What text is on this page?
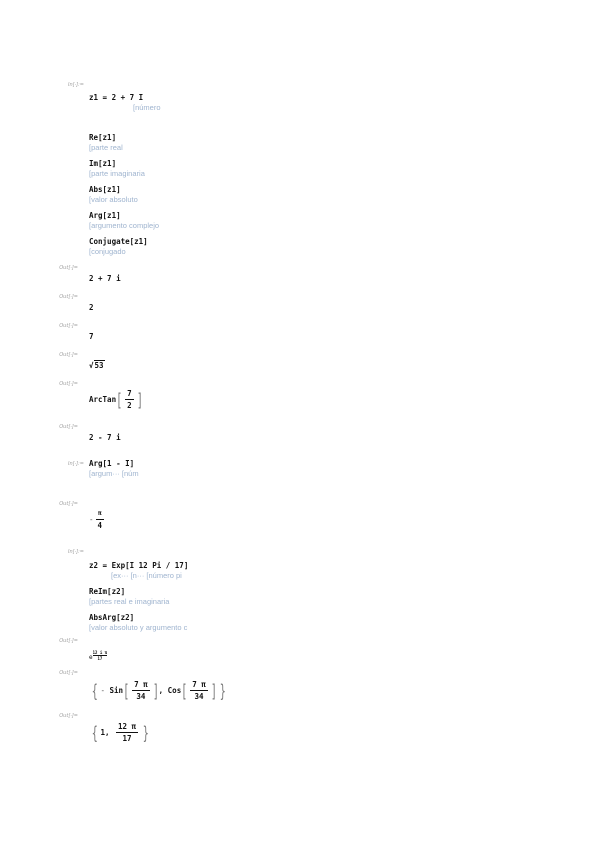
In[·]:=
z1 = 2 + 7 I
[número
Re[z1]
[parte real
Im[z1]
[parte imaginaria
Abs[z1]
[valor absoluto
Arg[z1]
[argumento complejo
Conjugate[z1]
[conjugado
Out[·]=
2 + 7 i
Out[·]=
2
Out[·]=
7
Out[·]=
√53
Out[·]=
ArcTan[ $\frac{7}{2}$ ]
Out[·]=
2 - 7 i
In[·]:= Arg[1 - I]
[argum··· [núm
Out[·]=
- $\frac{\pi}{4}$
In[·]:=
z2 = Exp[I 12 Pi / 17]
[ex··· [n··· [número pi
ReIm[z2]
[partes real e imaginaria
AbsArg[z2]
[valor absoluto y argumento c
Out[·]=
e $\frac{\text{12 i π}}{17}$
Out[·]=
{ - $Sin[ \frac{7 \pi}{34}$ ] , $Cos[ \frac{7 \pi}{34}$ ] }
Out[·]=
{ 1, $\frac{12 \pi}{17}$ }
